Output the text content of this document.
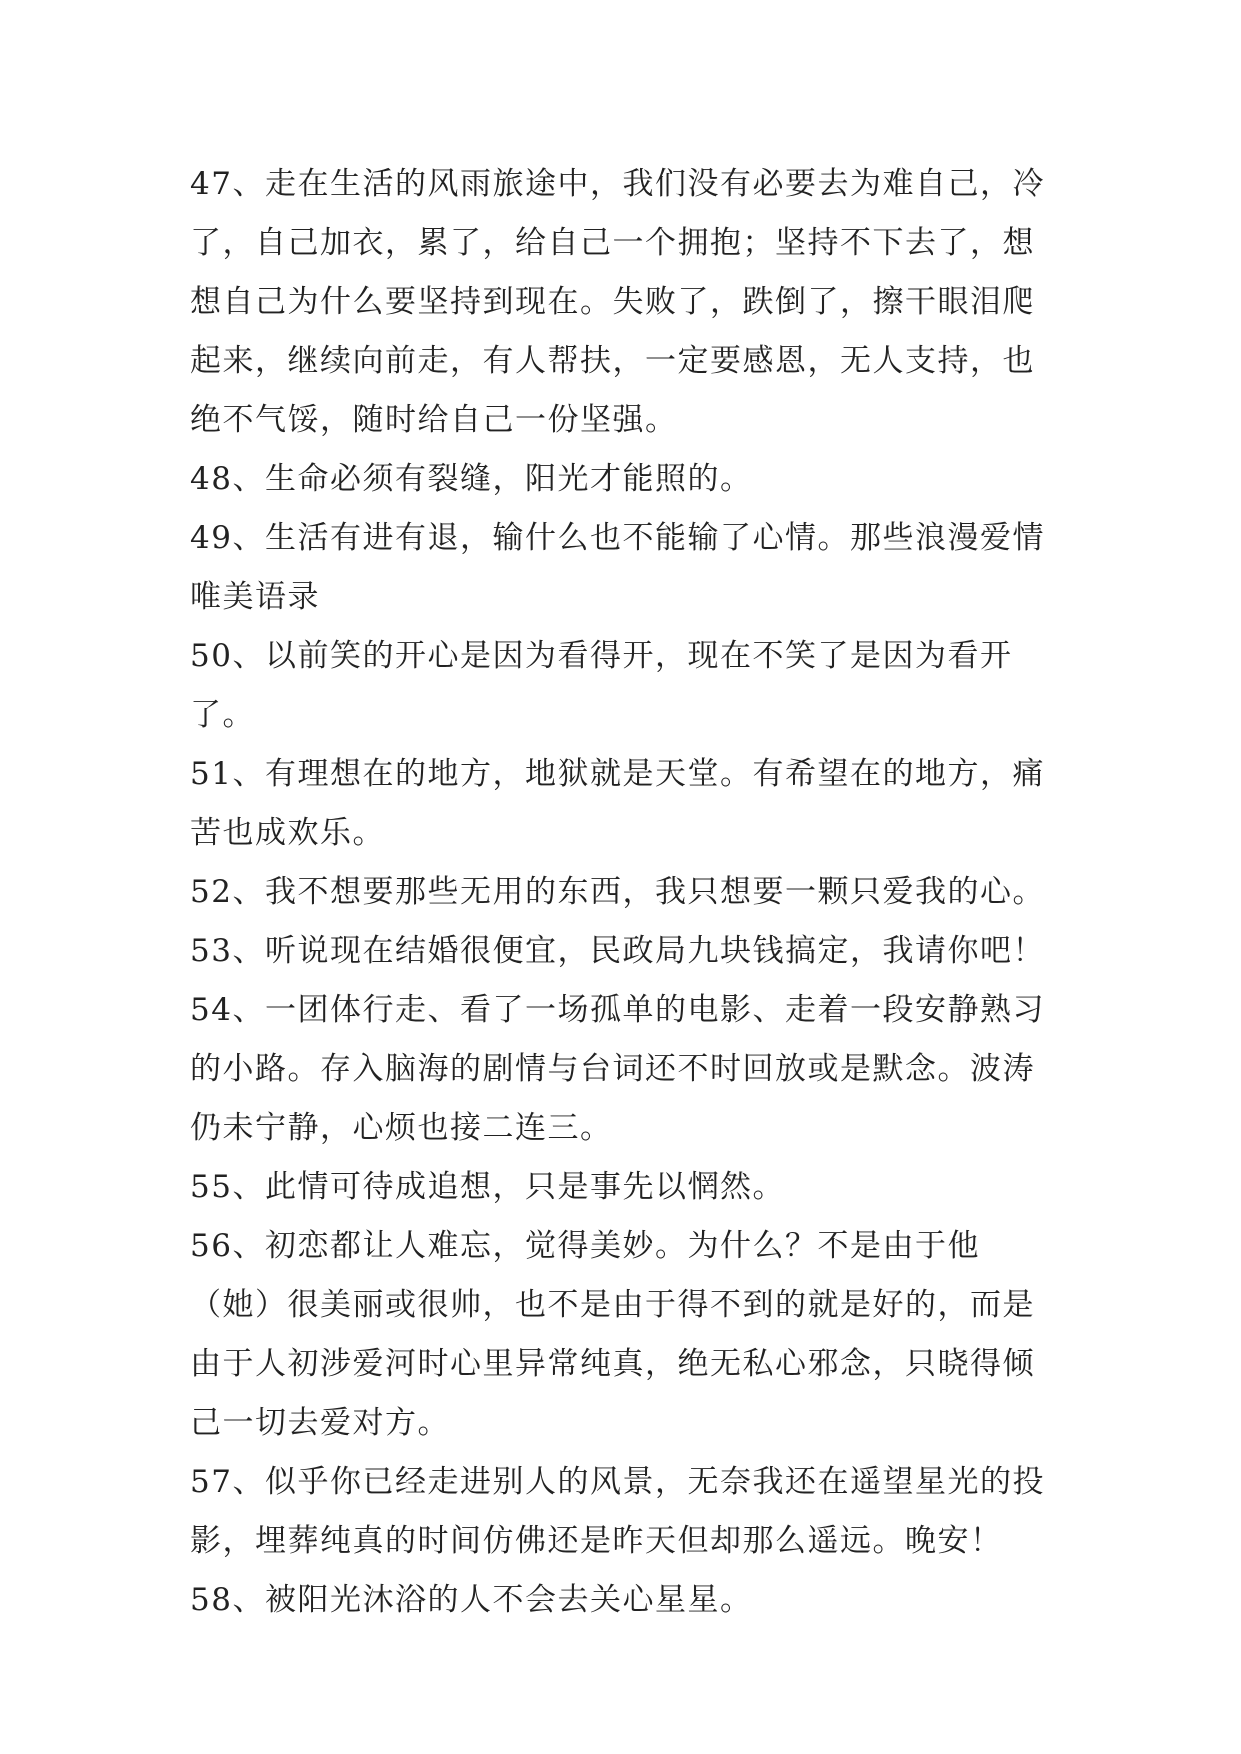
47、走在生活的风雨旅途中，我们没有必要去为难自己，冷了，自己加衣，累了，给自己一个拥抱；坚持不下去了，想想自己为什么要坚持到现在。失败了，跌倒了，擦干眼泪爬起来，继续向前走，有人帮扶，一定要感恩，无人支持，也绝不气馁，随时给自己一份坚强。

48、生命必须有裂缝，阳光才能照的。

49、生活有进有退，输什么也不能输了心情。那些浪漫爱情唯美语录

50、以前笑的开心是因为看得开，现在不笑了是因为看开了。

51、有理想在的地方，地狱就是天堂。有希望在的地方，痛苦也成欢乐。

52、我不想要那些无用的东西，我只想要一颗只爱我的心。

53、听说现在结婚很便宜，民政局九块钱搞定，我请你吧！

54、一团体行走、看了一场孤单的电影、走着一段安静熟习的小路。存入脑海的剧情与台词还不时回放或是默念。波涛仍未宁静，心烦也接二连三。

55、此情可待成追想，只是事先以惘然。

56、初恋都让人难忘，觉得美妙。为什么？不是由于他（她）很美丽或很帅，也不是由于得不到的就是好的，而是由于人初涉爱河时心里异常纯真，绝无私心邪念，只晓得倾己一切去爱对方。

57、似乎你已经走进别人的风景，无奈我还在遥望星光的投影，埋葬纯真的时间仿佛还是昨天但却那么遥远。晚安！

58、被阳光沐浴的人不会去关心星星。
